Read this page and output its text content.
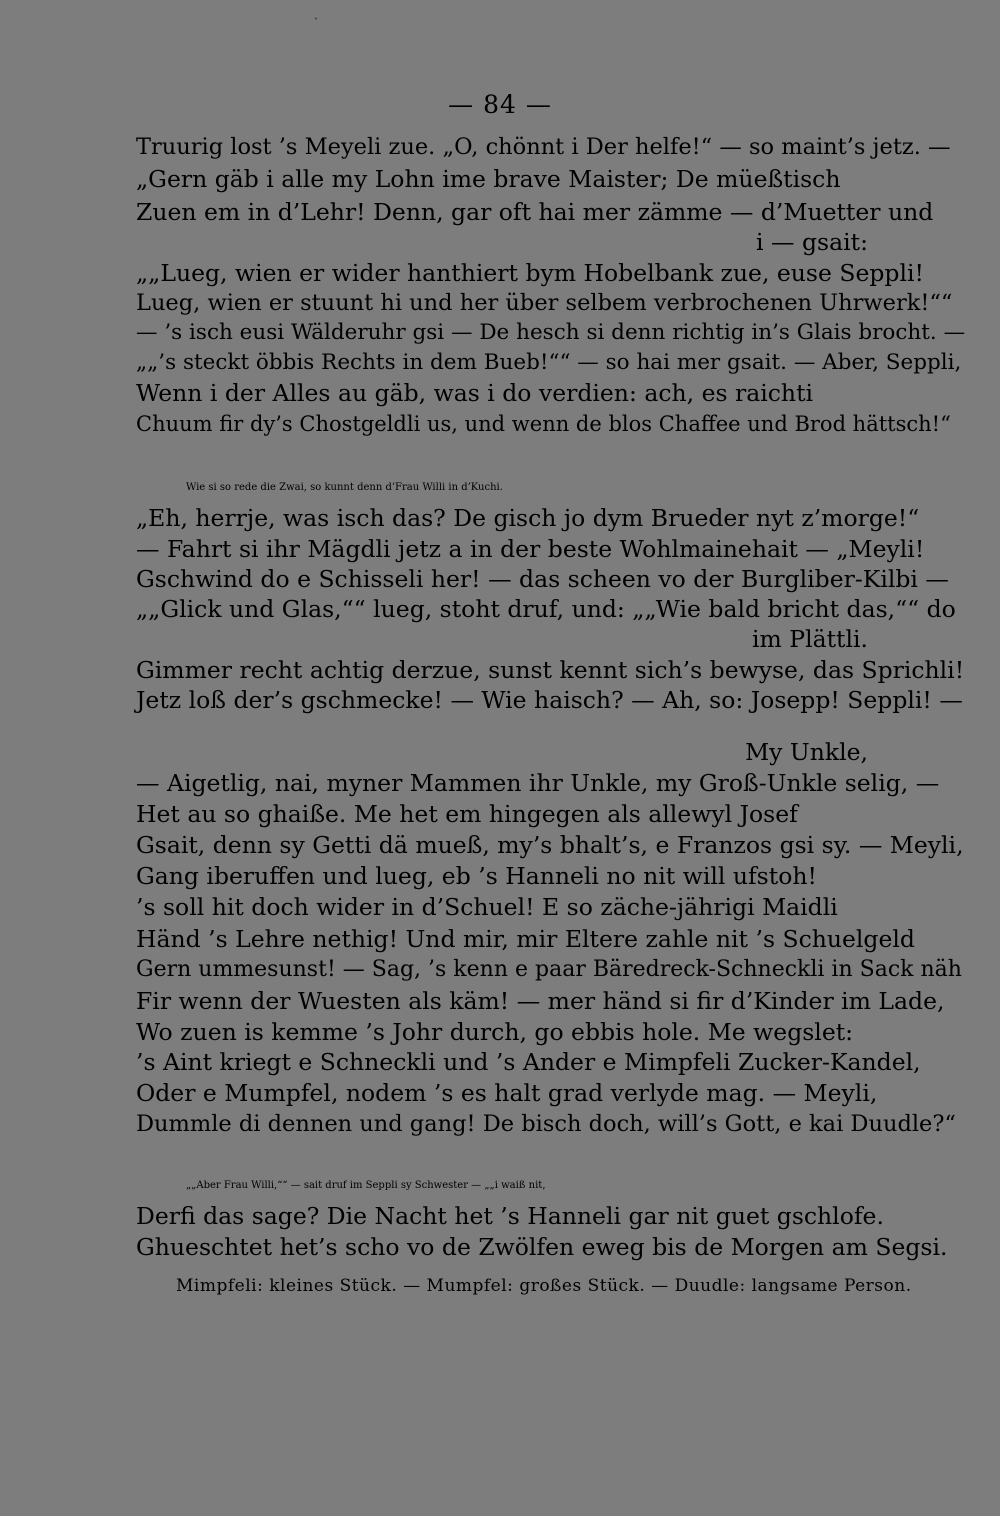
ˎ
— 84 —
Truurig lost ’s Meyeli zue. „O, chönnt i Der helfe!“ — so maint’s jetz. —
„Gern gäb i alle my Lohn ime brave Maister; De müeßtisch
Zuen em in d’Lehr! Denn, gar oft hai mer zämme — d’Muetter und
i — gsait:
„„Lueg, wien er wider hanthiert bym Hobelbank zue, euse Seppli!
Lueg, wien er stuunt hi und her über selbem verbrochenen Uhrwerk!““
— ’s isch eusi Wälderuhr gsi — De hesch si denn richtig in’s Glais brocht. —
„„’s steckt öbbis Rechts in dem Bueb!““ — so hai mer gsait. — Aber, Seppli,
Wenn i der Alles au gäb, was i do verdien: ach, es raichti
Chuum fir dy’s Chostgeldli us, und wenn de blos Chaffee und Brod hättsch!“
Wie si so rede die Zwai, so kunnt denn d’Frau Willi in d’Kuchi.
„Eh, herrje, was isch das? De gisch jo dym Brueder nyt z’morge!“
— Fahrt si ihr Mägdli jetz a in der beste Wohlmainehait — „Meyli!
Gschwind do e Schisseli her! — das scheen vo der Burgliber-Kilbi —
„„Glick und Glas,““ lueg, stoht druf, und: „„Wie bald bricht das,““ do
im Plättli.
Gimmer recht achtig derzue, sunst kennt sich’s bewyse, das Sprichli!
Jetz loß der’s gschmecke! — Wie haisch? — Ah, so: Josepp! Seppli! —
My Unkle,
— Aigetlig, nai, myner Mammen ihr Unkle, my Groß-Unkle selig, —
Het au so ghaiße. Me het em hingegen als allewyl Josef
Gsait, denn sy Getti dä mueß, my’s bhalt’s, e Franzos gsi sy. — Meyli,
Gang iberuffen und lueg, eb ’s Hanneli no nit will ufstoh!
’s soll hit doch wider in d’Schuel! E so zäche-jährigi Maidli
Händ ’s Lehre nethig! Und mir, mir Eltere zahle nit ’s Schuelgeld
Gern ummesunst! — Sag, ’s kenn e paar Bäredreck-Schneckli in Sack näh
Fir wenn der Wuesten als käm! — mer händ si fir d’Kinder im Lade,
Wo zuen is kemme ’s Johr durch, go ebbis hole. Me wegslet:
’s Aint kriegt e Schneckli und ’s Ander e Mimpfeli Zucker-Kandel,
Oder e Mumpfel, nodem ’s es halt grad verlyde mag. — Meyli,
Dummle di dennen und gang! De bisch doch, will’s Gott, e kai Duudle?“
„„Aber Frau Willi,““ — sait druf im Seppli sy Schwester — „„i waiß nit,
Derfi das sage? Die Nacht het ’s Hanneli gar nit guet gschlofe.
Ghueschtet het’s scho vo de Zwölfen eweg bis de Morgen am Segsi.
Mimpfeli: kleines Stück. — Mumpfel: großes Stück. — Duudle: langsame Person.
